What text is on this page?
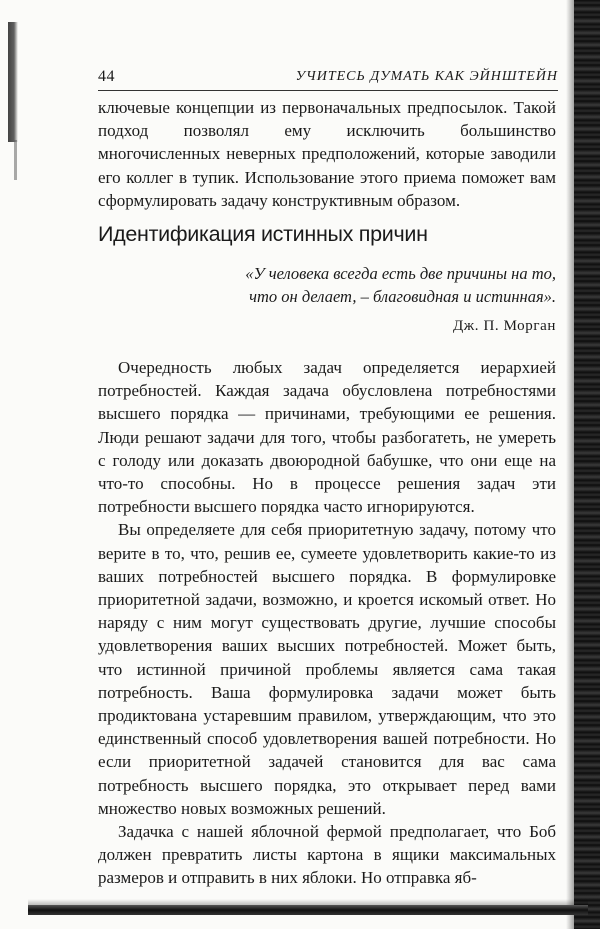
44	УЧИТЕСЬ ДУМАТЬ КАК ЭЙНШТЕЙН

ключевые концепции из первоначальных предпосылок. Такой подход позволял ему исключить большинство многочисленных неверных предположений, которые заводили его коллег в тупик. Использование этого приема поможет вам сформулировать задачу конструктивным образом.

Идентификация истинных причин
«У человека всегда есть две причины на то,
что он делает, – благовидная и истинная».
Дж. П. Морган

Очередность любых задач определяется иерархией потребностей. Каждая задача обусловлена потребностями высшего порядка — причинами, требующими ее решения. Люди решают задачи для того, чтобы разбогатеть, не умереть с голоду или доказать двоюродной бабушке, что они еще на что-то способны. Но в процессе решения задач эти потребности высшего порядка часто игнорируются.

Вы определяете для себя приоритетную задачу, потому что верите в то, что, решив ее, сумеете удовлетворить какие-то из ваших потребностей высшего порядка. В формулировке приоритетной задачи, возможно, и кроется искомый ответ. Но наряду с ним могут существовать другие, лучшие способы удовлетворения ваших высших потребностей. Может быть, что истинной причиной проблемы является сама такая потребность. Ваша формулировка задачи может быть продиктована устаревшим правилом, утверждающим, что это единственный способ удовлетворения вашей потребности. Но если приоритетной задачей становится для вас сама потребность высшего порядка, это открывает перед вами множество новых возможных решений.

Задачка с нашей яблочной фермой предполагает, что Боб должен превратить листы картона в ящики максимальных размеров и отправить в них яблоки. Но отправка яб-
